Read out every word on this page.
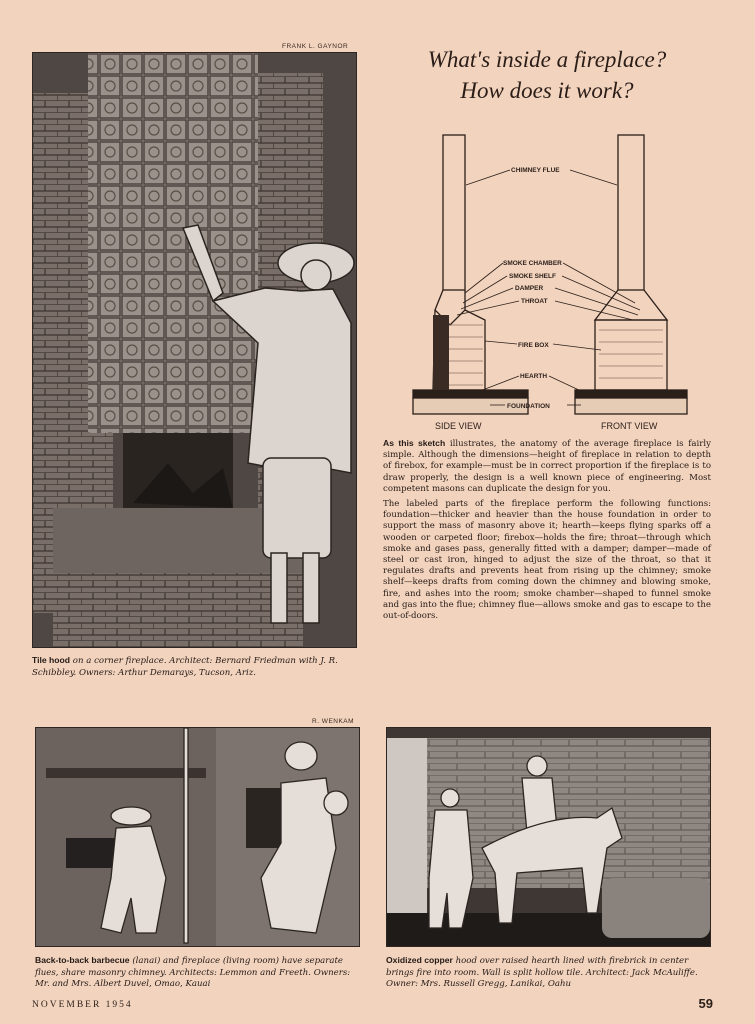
FRANK L. GAYNOR
Tile hood on a corner fireplace. Architect: Bernard Friedman with J. R. Schibbley. Owners: Arthur Demarays, Tucson, Ariz.
What's inside a fireplace?
How does it work?
CHIMNEY FLUE
SMOKE CHAMBER
SMOKE SHELF
DAMPER
THROAT
FIRE BOX
HEARTH
FOUNDATION
SIDE VIEW	FRONT VIEW

As this sketch illustrates, the anatomy of the average fireplace is fairly simple. Although the dimensions—height of fireplace in relation to depth of firebox, for example—must be in correct proportion if the fireplace is to draw properly, the design is a well known piece of engineering. Most competent masons can duplicate the design for you.

The labeled parts of the fireplace perform the following functions: foundation—thicker and heavier than the house foundation in order to support the mass of masonry above it; hearth—keeps flying sparks off a wooden or carpeted floor; firebox—holds the fire; throat—through which smoke and gases pass, generally fitted with a damper; damper—made of steel or cast iron, hinged to adjust the size of the throat, so that it regulates drafts and prevents heat from rising up the chimney; smoke shelf—keeps drafts from coming down the chimney and blowing smoke, fire, and ashes into the room; smoke chamber—shaped to funnel smoke and gas into the flue; chimney flue—allows smoke and gas to escape to the out-of-doors.

R. WENKAM
Back-to-back barbecue (lanai) and fireplace (living room) have separate flues, share masonry chimney. Architects: Lemmon and Freeth. Owners: Mr. and Mrs. Albert Duvel, Omao, Kauai
Oxidized copper hood over raised hearth lined with firebrick in center brings fire into room. Wall is split hollow tile. Architect: Jack McAuliffe. Owner: Mrs. Russell Gregg, Lanikai, Oahu
NOVEMBER 1954	59
